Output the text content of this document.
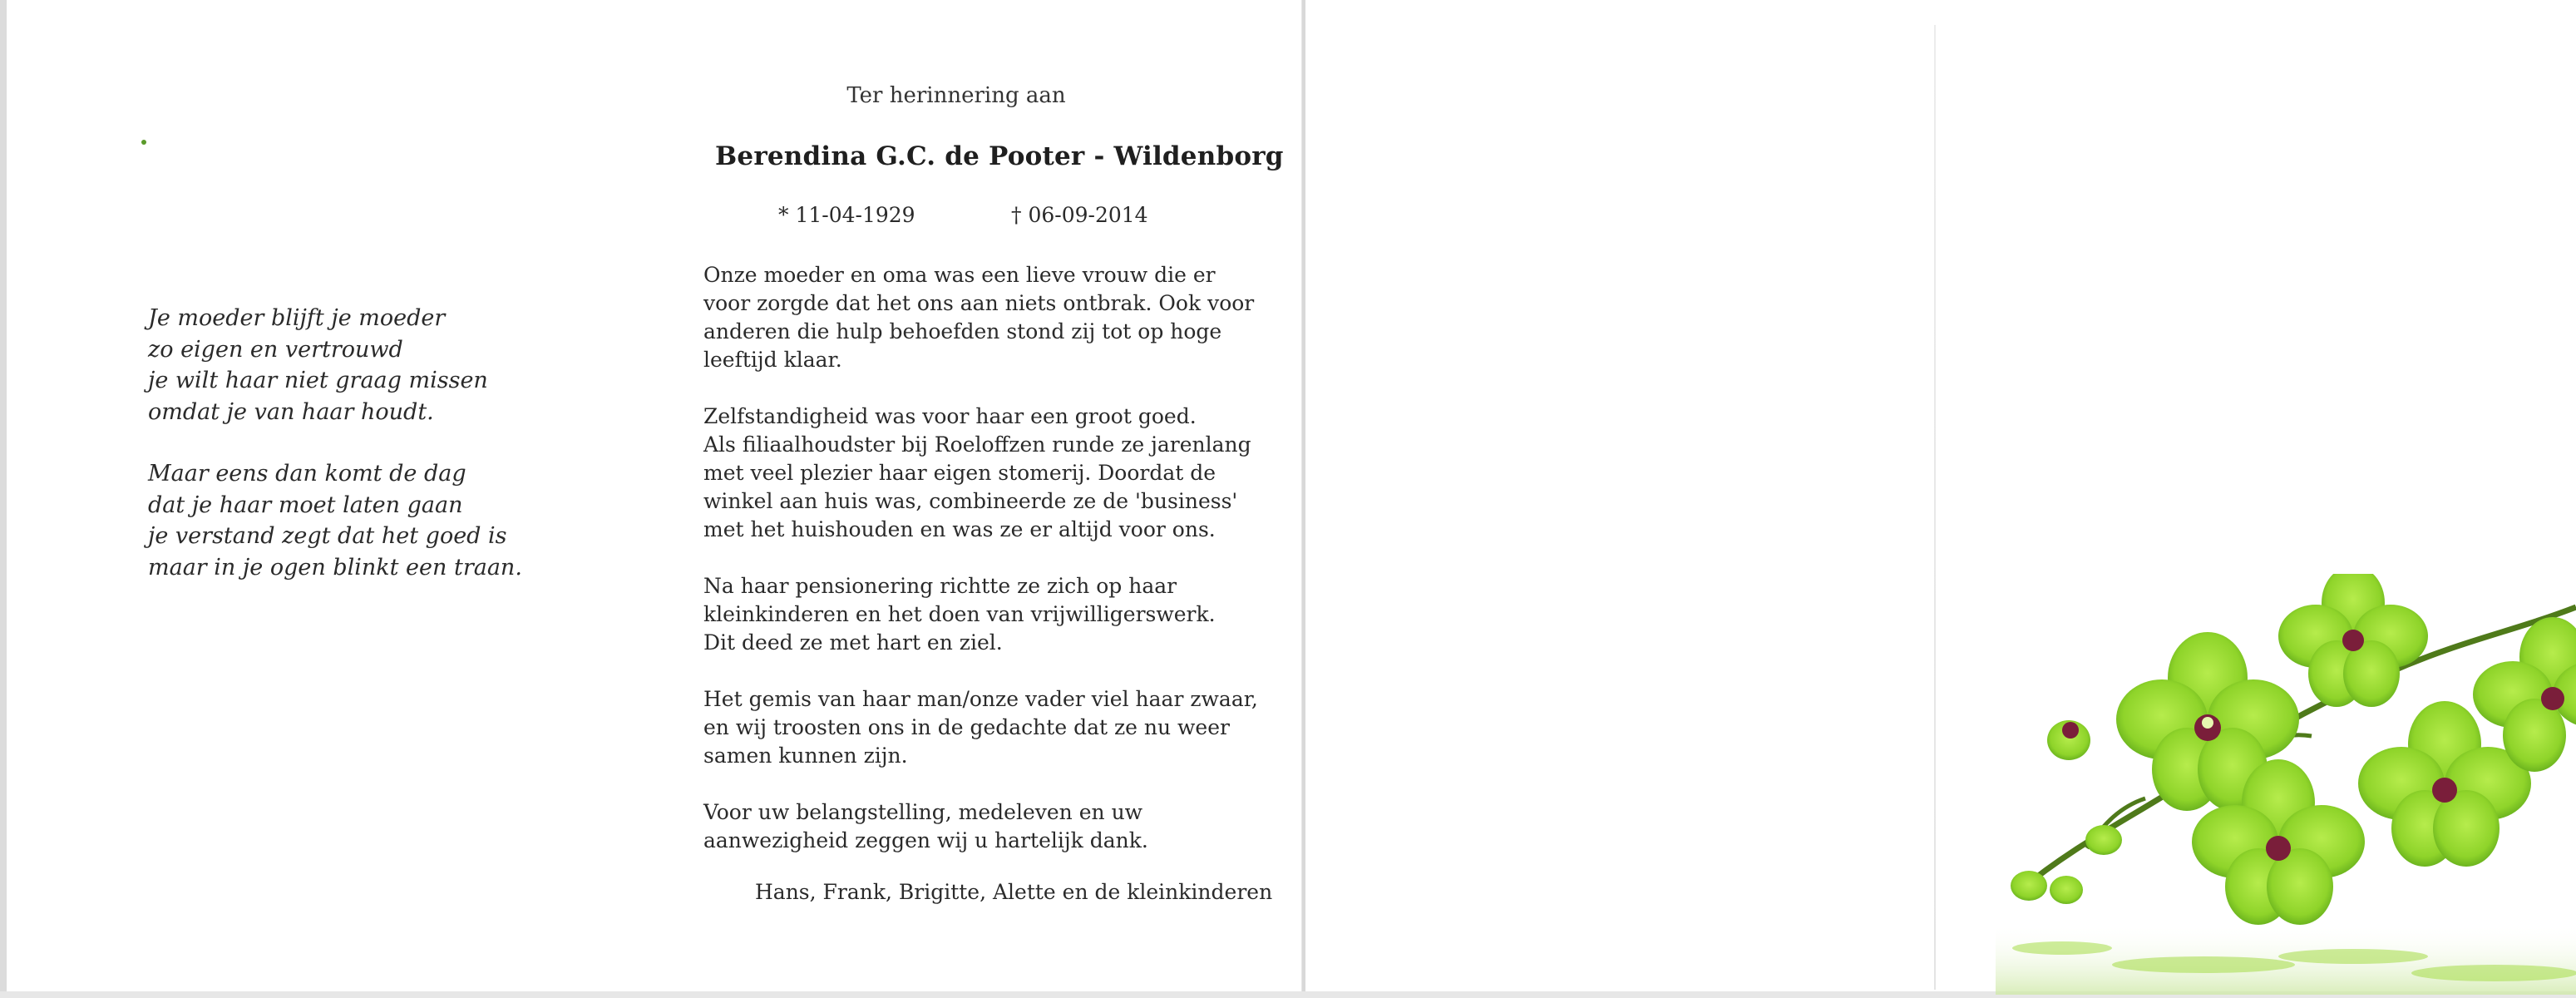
Je moeder blijft je moeder
zo eigen en vertrouwd
je wilt haar niet graag missen
omdat je van haar houdt.
Maar eens dan komt de dag
dat je haar moet laten gaan
je verstand zegt dat het goed is
maar in je ogen blinkt een traan.
Ter herinnering aan
Berendina G.C. de Pooter - Wildenborg
* 11-04-1929	† 06-09-2014
Onze moeder en oma was een lieve vrouw die er
voor zorgde dat het ons aan niets ontbrak. Ook voor
anderen die hulp behoefden stond zij tot op hoge
leeftijd klaar.
Zelfstandigheid was voor haar een groot goed.
Als filiaalhoudster bij Roeloffzen runde ze jarenlang
met veel plezier haar eigen stomerij. Doordat de
winkel aan huis was, combineerde ze de 'business'
met het huishouden en was ze er altijd voor ons.
Na haar pensionering richtte ze zich op haar
kleinkinderen en het doen van vrijwilligerswerk.
Dit deed ze met hart en ziel.
Het gemis van haar man/onze vader viel haar zwaar,
en wij troosten ons in de gedachte dat ze nu weer
samen kunnen zijn.
Voor uw belangstelling, medeleven en uw
aanwezigheid zeggen wij u hartelijk dank.
Hans, Frank, Brigitte, Alette en de kleinkinderen
